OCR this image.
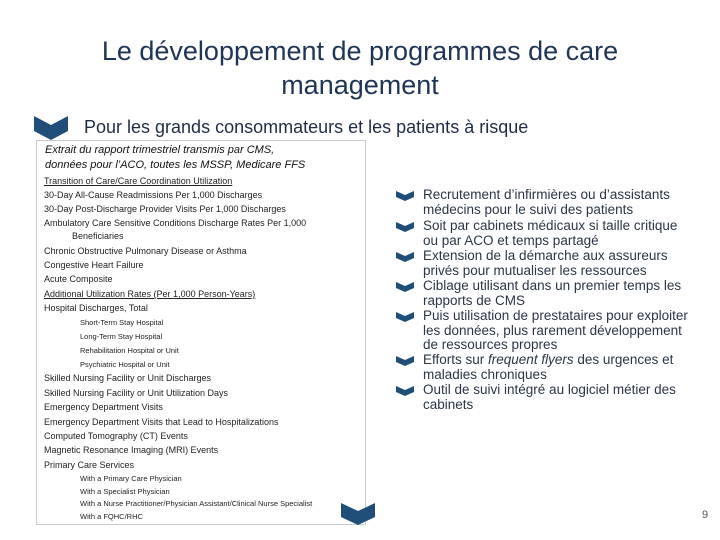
Le développement de programmes de care management
Pour les grands consommateurs et les patients à risque
Extrait du rapport trimestriel transmis par CMS,
données pour l’ACO, toutes les MSSP, Medicare FFS
Transition of Care/Care Coordination Utilization
30-Day All-Cause Readmissions Per 1,000 Discharges
30-Day Post-Discharge Provider Visits Per 1,000 Discharges
Ambulatory Care Sensitive Conditions Discharge Rates Per 1,000
Beneficiaries
Chronic Obstructive Pulmonary Disease or Asthma
Congestive Heart Failure
Acute Composite
Additional Utilization Rates (Per 1,000 Person-Years)
Hospital Discharges, Total
Short-Term Stay Hospital
Long-Term Stay Hospital
Rehabilitation Hospital or Unit
Psychiatric Hospital or Unit
Skilled Nursing Facility or Unit Discharges
Skilled Nursing Facility or Unit Utilization Days
Emergency Department Visits
Emergency Department Visits that Lead to Hospitalizations
Computed Tomography (CT) Events
Magnetic Resonance Imaging (MRI) Events
Primary Care Services
With a Primary Care Physician
With a Specialist Physician
With a Nurse Practitioner/Physician Assistant/Clinical Nurse Specialist
With a FQHC/RHC
Recrutement d’infirmières ou d’assistants médecins pour le suivi des patients
Soit par cabinets médicaux si taille critique ou par ACO et temps partagé
Extension de la démarche aux assureurs privés pour mutualiser les ressources
Ciblage utilisant dans un premier temps les rapports de CMS
Puis utilisation de prestataires pour exploiter les données, plus rarement développement de ressources propres
Efforts sur frequent flyers des urgences et maladies chroniques
Outil de suivi intégré au logiciel métier des cabinets
9
